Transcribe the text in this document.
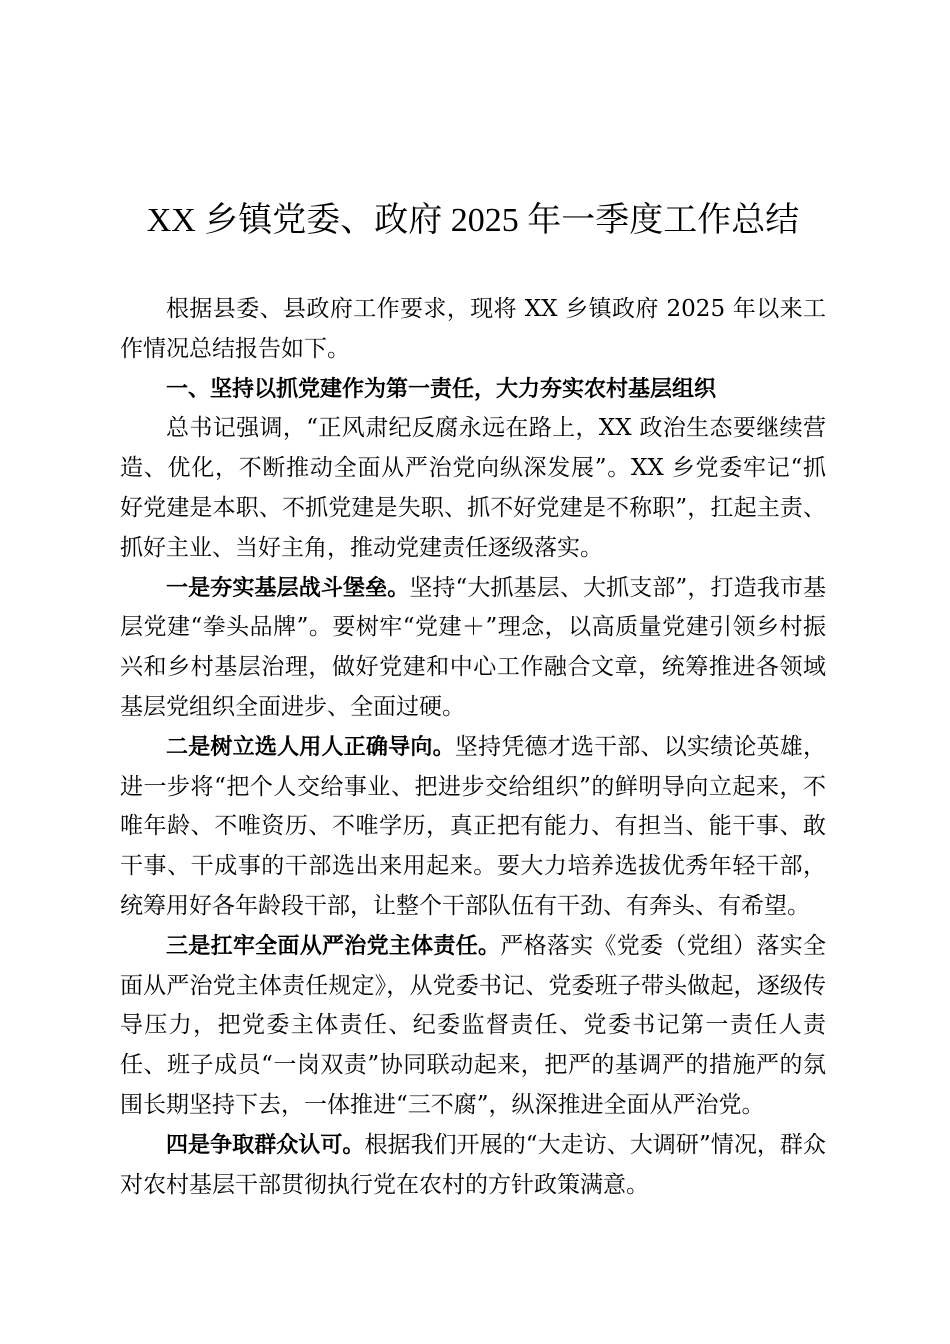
XX 乡镇党委、政府 2025 年一季度工作总结

根据县委、县政府工作要求，现将 XX 乡镇政府 2025 年以来工作情况总结报告如下。

一、坚持以抓党建作为第一责任，大力夯实农村基层组织

总书记强调，“正风肃纪反腐永远在路上，XX 政治生态要继续营造、优化，不断推动全面从严治党向纵深发展”。XX 乡党委牢记“抓好党建是本职、不抓党建是失职、抓不好党建是不称职”，扛起主责、抓好主业、当好主角，推动党建责任逐级落实。

一是夯实基层战斗堡垒。坚持“大抓基层、大抓支部”，打造我市基层党建“拳头品牌”。要树牢“党建＋”理念，以高质量党建引领乡村振兴和乡村基层治理，做好党建和中心工作融合文章，统筹推进各领域基层党组织全面进步、全面过硬。

二是树立选人用人正确导向。坚持凭德才选干部、以实绩论英雄，进一步将“把个人交给事业、把进步交给组织”的鲜明导向立起来，不唯年龄、不唯资历、不唯学历，真正把有能力、有担当、能干事、敢干事、干成事的干部选出来用起来。要大力培养选拔优秀年轻干部，统筹用好各年龄段干部，让整个干部队伍有干劲、有奔头、有希望。

三是扛牢全面从严治党主体责任。严格落实《党委（党组）落实全面从严治党主体责任规定》，从党委书记、党委班子带头做起，逐级传导压力，把党委主体责任、纪委监督责任、党委书记第一责任人责任、班子成员“一岗双责”协同联动起来，把严的基调严的措施严的氛围长期坚持下去，一体推进“三不腐”，纵深推进全面从严治党。

四是争取群众认可。根据我们开展的“大走访、大调研”情况，群众对农村基层干部贯彻执行党在农村的方针政策满意。
